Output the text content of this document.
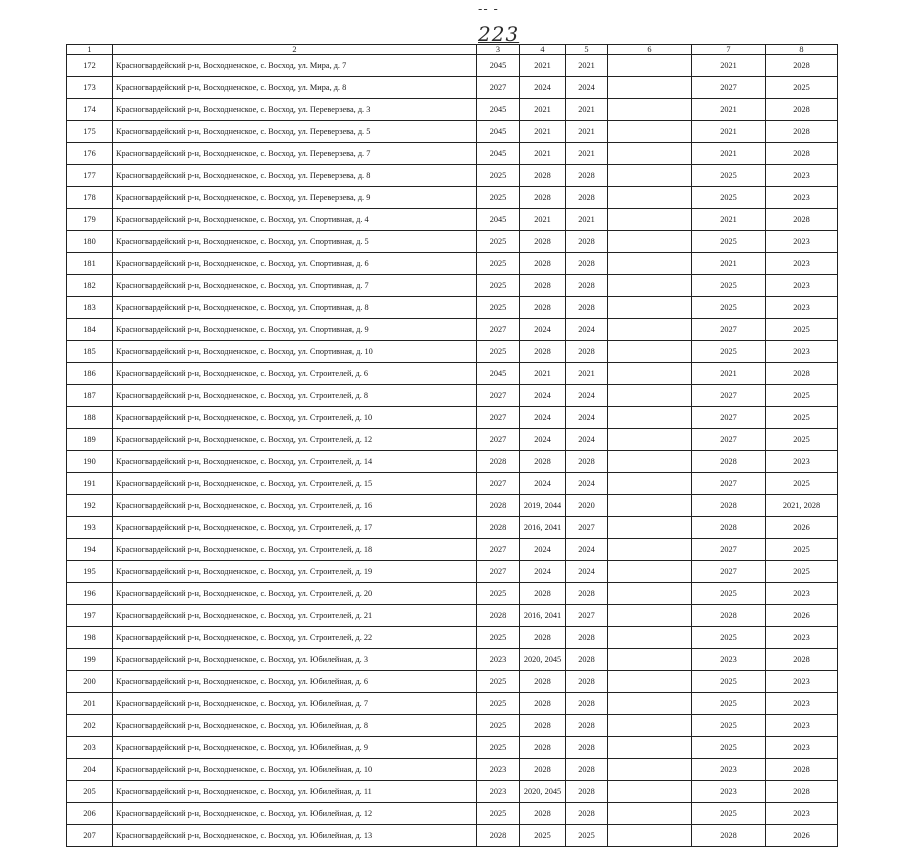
-- -
223
1	2	3	4	5	6	7	8
172	Красногвардейский р-н, Восходненское, с. Восход, ул. Мира, д. 7	2045	2021	2021		2021	2028
173	Красногвардейский р-н, Восходненское, с. Восход, ул. Мира, д. 8	2027	2024	2024		2027	2025
174	Красногвардейский р-н, Восходненское, с. Восход, ул. Переверзева, д. 3	2045	2021	2021		2021	2028
175	Красногвардейский р-н, Восходненское, с. Восход, ул. Переверзева, д. 5	2045	2021	2021		2021	2028
176	Красногвардейский р-н, Восходненское, с. Восход, ул. Переверзева, д. 7	2045	2021	2021		2021	2028
177	Красногвардейский р-н, Восходненское, с. Восход, ул. Переверзева, д. 8	2025	2028	2028		2025	2023
178	Красногвардейский р-н, Восходненское, с. Восход, ул. Переверзева, д. 9	2025	2028	2028		2025	2023
179	Красногвардейский р-н, Восходненское, с. Восход, ул. Спортивная, д. 4	2045	2021	2021		2021	2028
180	Красногвардейский р-н, Восходненское, с. Восход, ул. Спортивная, д. 5	2025	2028	2028		2025	2023
181	Красногвардейский р-н, Восходненское, с. Восход, ул. Спортивная, д. 6	2025	2028	2028		2021	2023
182	Красногвардейский р-н, Восходненское, с. Восход, ул. Спортивная, д. 7	2025	2028	2028		2025	2023
183	Красногвардейский р-н, Восходненское, с. Восход, ул. Спортивная, д. 8	2025	2028	2028		2025	2023
184	Красногвардейский р-н, Восходненское, с. Восход, ул. Спортивная, д. 9	2027	2024	2024		2027	2025
185	Красногвардейский р-н, Восходненское, с. Восход, ул. Спортивная, д. 10	2025	2028	2028		2025	2023
186	Красногвардейский р-н, Восходненское, с. Восход, ул. Строителей, д. 6	2045	2021	2021		2021	2028
187	Красногвардейский р-н, Восходненское, с. Восход, ул. Строителей, д. 8	2027	2024	2024		2027	2025
188	Красногвардейский р-н, Восходненское, с. Восход, ул. Строителей, д. 10	2027	2024	2024		2027	2025
189	Красногвардейский р-н, Восходненское, с. Восход, ул. Строителей, д. 12	2027	2024	2024		2027	2025
190	Красногвардейский р-н, Восходненское, с. Восход, ул. Строителей, д. 14	2028	2028	2028		2028	2023
191	Красногвардейский р-н, Восходненское, с. Восход, ул. Строителей, д. 15	2027	2024	2024		2027	2025
192	Красногвардейский р-н, Восходненское, с. Восход, ул. Строителей, д. 16	2028	2019, 2044	2020		2028	2021, 2028
193	Красногвардейский р-н, Восходненское, с. Восход, ул. Строителей, д. 17	2028	2016, 2041	2027		2028	2026
194	Красногвардейский р-н, Восходненское, с. Восход, ул. Строителей, д. 18	2027	2024	2024		2027	2025
195	Красногвардейский р-н, Восходненское, с. Восход, ул. Строителей, д. 19	2027	2024	2024		2027	2025
196	Красногвардейский р-н, Восходненское, с. Восход, ул. Строителей, д. 20	2025	2028	2028		2025	2023
197	Красногвардейский р-н, Восходненское, с. Восход, ул. Строителей, д. 21	2028	2016, 2041	2027		2028	2026
198	Красногвардейский р-н, Восходненское, с. Восход, ул. Строителей, д. 22	2025	2028	2028		2025	2023
199	Красногвардейский р-н, Восходненское, с. Восход, ул. Юбилейная, д. 3	2023	2020, 2045	2028		2023	2028
200	Красногвардейский р-н, Восходненское, с. Восход, ул. Юбилейная, д. 6	2025	2028	2028		2025	2023
201	Красногвардейский р-н, Восходненское, с. Восход, ул. Юбилейная, д. 7	2025	2028	2028		2025	2023
202	Красногвардейский р-н, Восходненское, с. Восход, ул. Юбилейная, д. 8	2025	2028	2028		2025	2023
203	Красногвардейский р-н, Восходненское, с. Восход, ул. Юбилейная, д. 9	2025	2028	2028		2025	2023
204	Красногвардейский р-н, Восходненское, с. Восход, ул. Юбилейная, д. 10	2023	2028	2028		2023	2028
205	Красногвардейский р-н, Восходненское, с. Восход, ул. Юбилейная, д. 11	2023	2020, 2045	2028		2023	2028
206	Красногвардейский р-н, Восходненское, с. Восход, ул. Юбилейная, д. 12	2025	2028	2028		2025	2023
207	Красногвардейский р-н, Восходненское, с. Восход, ул. Юбилейная, д. 13	2028	2025	2025		2028	2026
